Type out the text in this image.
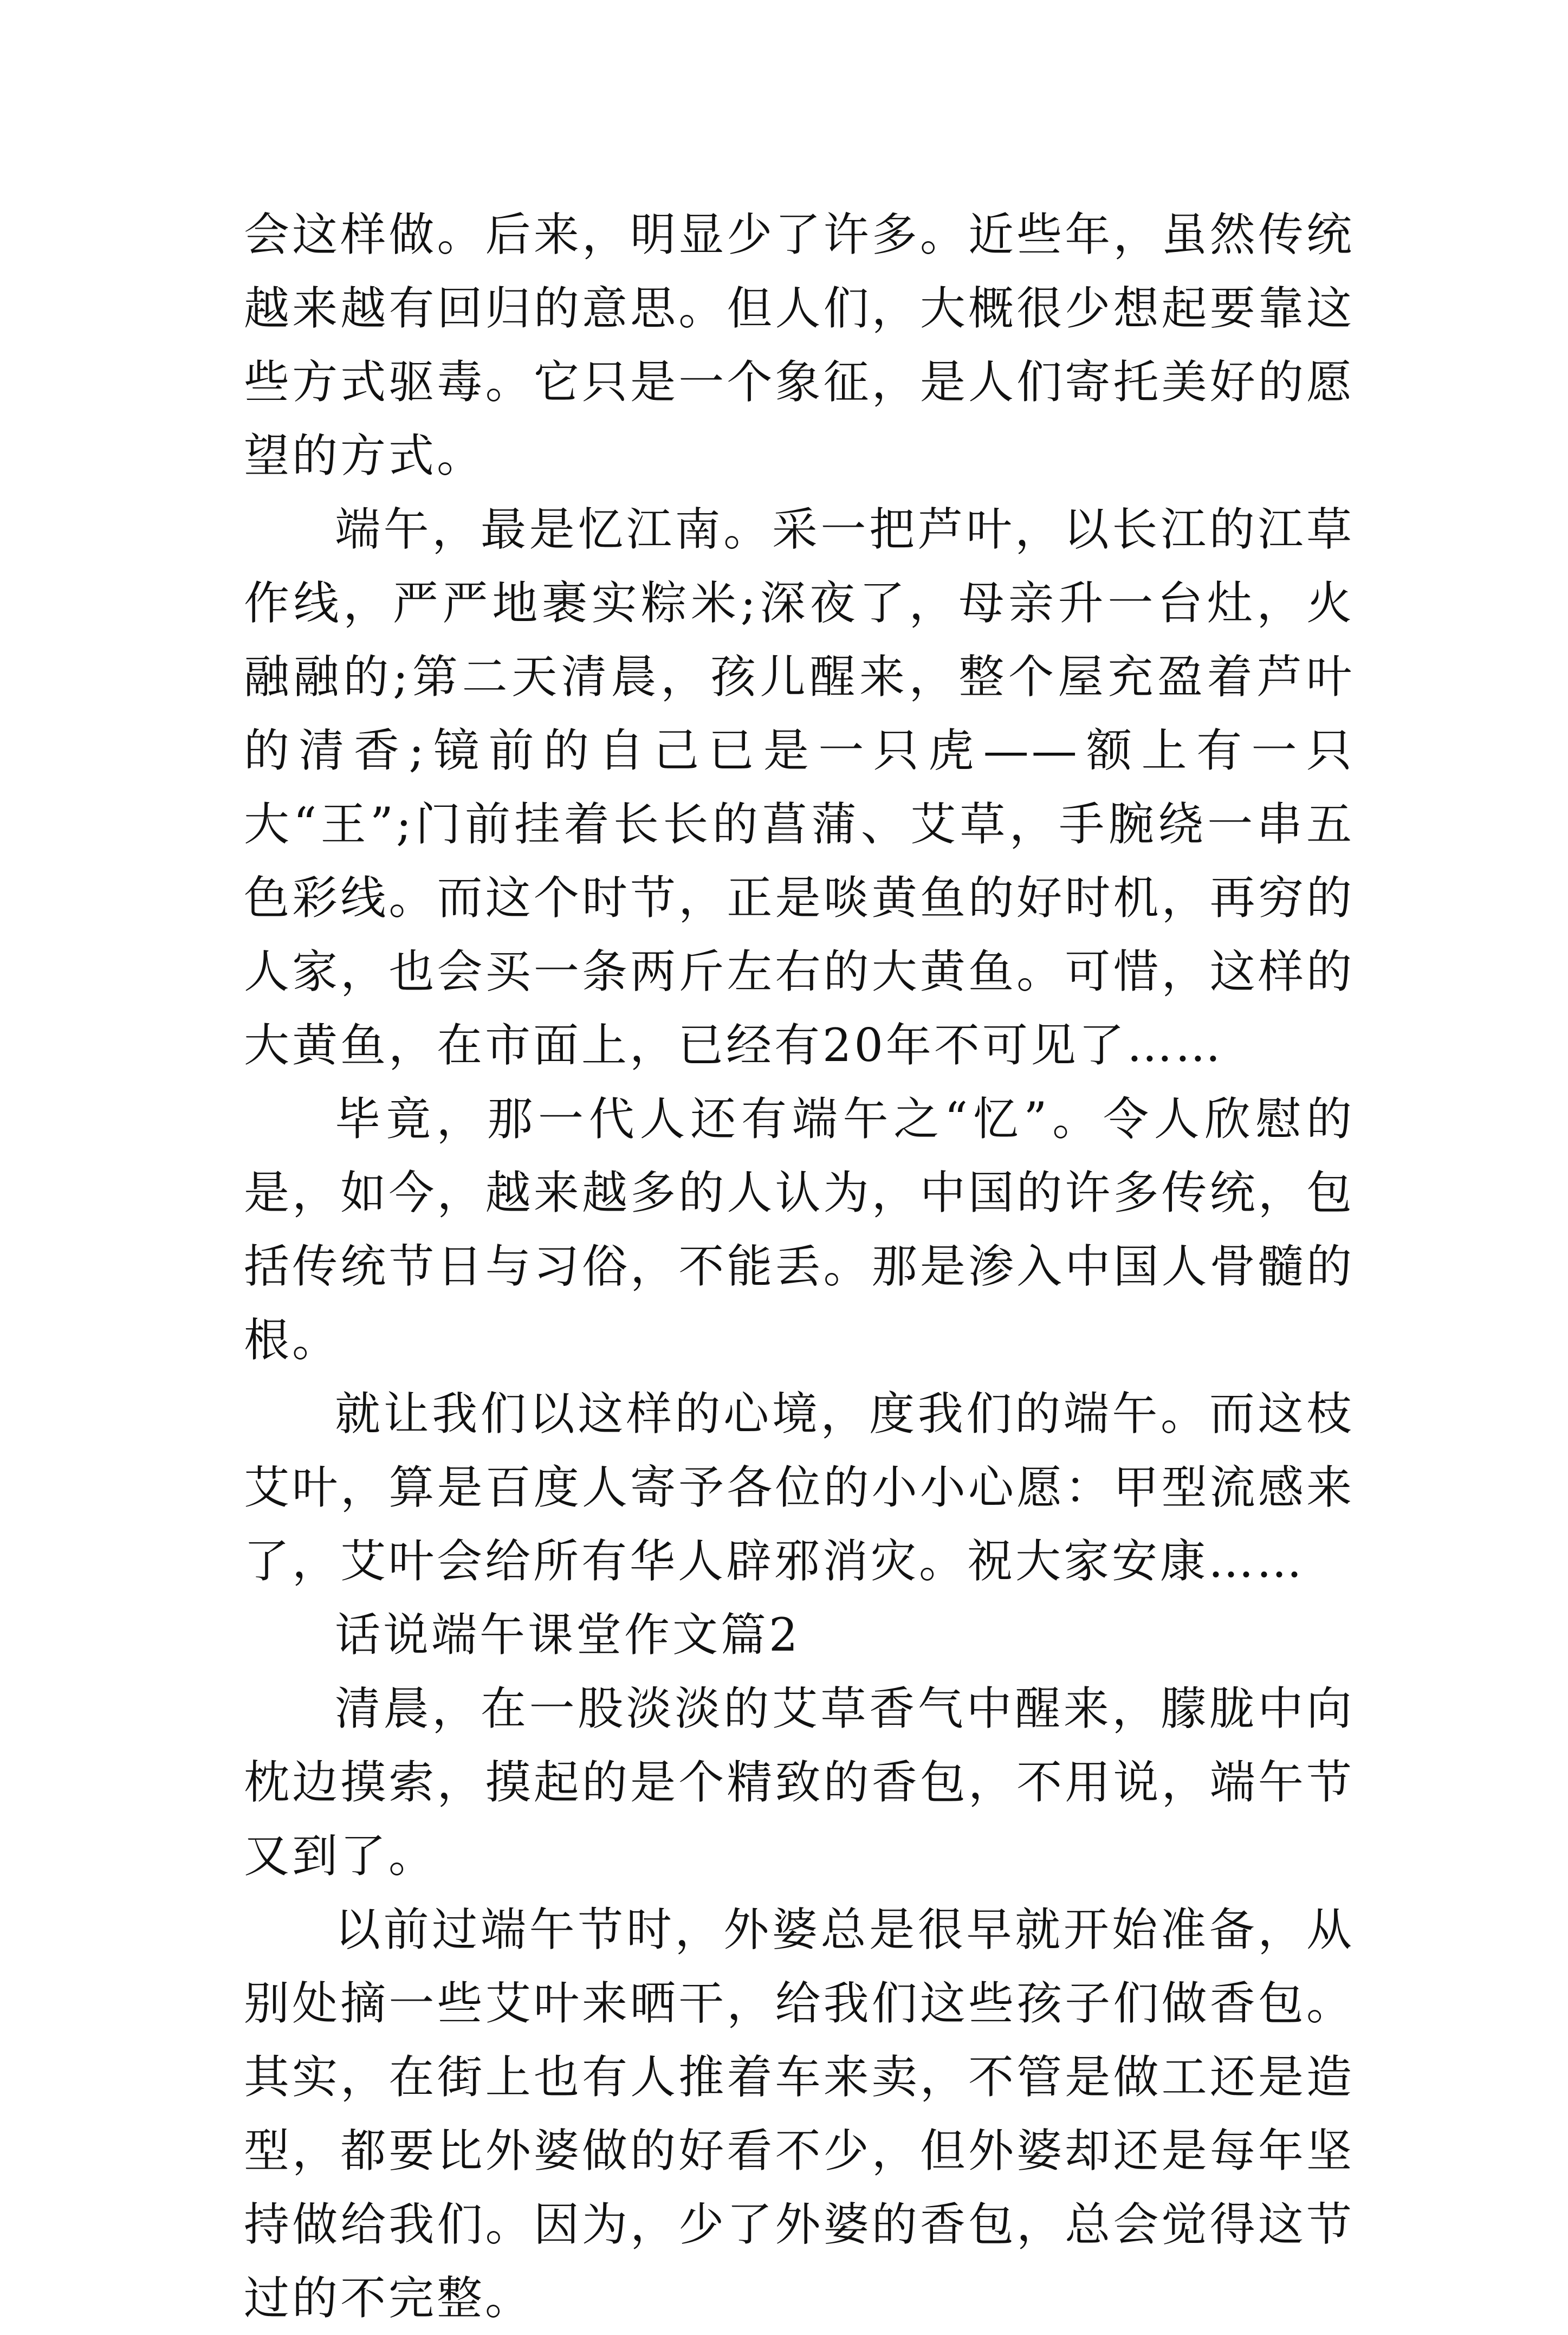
会这样做。后来，明显少了许多。近些年，虽然传统越来越有回归的意思。但人们，大概很少想起要靠这些方式驱毒。它只是一个象征，是人们寄托美好的愿望的方式。

端午，最是忆江南。采一把芦叶，以长江的江草作线，严严地裹实粽米;深夜了，母亲升一台灶，火融融的;第二天清晨，孩儿醒来，整个屋充盈着芦叶的清香;镜前的自己已是一只虎——额上有一只大“王”;门前挂着长长的菖蒲、艾草，手腕绕一串五色彩线。而这个时节，正是啖黄鱼的好时机，再穷的人家，也会买一条两斤左右的大黄鱼。可惜，这样的大黄鱼，在市面上，已经有20年不可见了……

毕竟，那一代人还有端午之“忆”。令人欣慰的是，如今，越来越多的人认为，中国的许多传统，包括传统节日与习俗，不能丢。那是渗入中国人骨髓的根。

就让我们以这样的心境，度我们的端午。而这枝艾叶，算是百度人寄予各位的小小心愿：甲型流感来了，艾叶会给所有华人辟邪消灾。祝大家安康……

话说端午课堂作文篇2

清晨，在一股淡淡的艾草香气中醒来，朦胧中向枕边摸索，摸起的是个精致的香包，不用说，端午节又到了。

以前过端午节时，外婆总是很早就开始准备，从别处摘一些艾叶来晒干，给我们这些孩子们做香包。其实，在街上也有人推着车来卖，不管是做工还是造型，都要比外婆做的好看不少，但外婆却还是每年坚持做给我们。因为，少了外婆的香包，总会觉得这节过的不完整。
